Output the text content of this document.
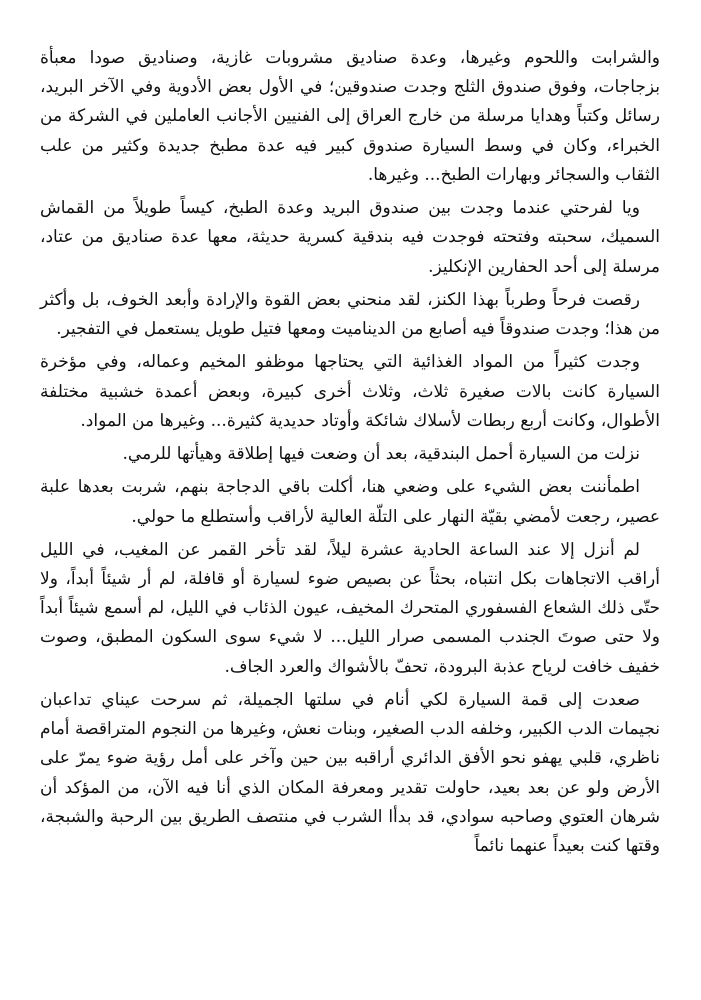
والشرابت واللحوم وغيرها، وعدة صناديق مشروبات غازية، وصناديق صودا معبأة بزجاجات، وفوق صندوق الثلج وجدت صندوقين؛ في الأول بعض الأدوية وفي الآخر البريد، رسائل وكتباً وهدايا مرسلة من خارج العراق إلى الفنيين الأجانب العاملين في الشركة من الخبراء، وكان في وسط السيارة صندوق كبير فيه عدة مطبخ جديدة وكثير من علب الثقاب والسجائر وبهارات الطبخ... وغيرها.

ويا لفرحتي عندما وجدت بين صندوق البريد وعدة الطبخ، كيساً طويلاً من القماش السميك، سحبته وفتحته فوجدت فيه بندقية كسرية حديثة، معها عدة صناديق من عتاد، مرسلة إلى أحد الحفارين الإنكليز.

رقصت فرحاً وطرباً بهذا الكنز، لقد منحني بعض القوة والإرادة وأبعد الخوف، بل وأكثر من هذا؛ وجدت صندوقاً فيه أصابع من الديناميت ومعها فتيل طويل يستعمل في التفجير.

وجدت كثيراً من المواد الغذائية التي يحتاجها موظفو المخيم وعماله، وفي مؤخرة السيارة كانت بالات صغيرة ثلاث، وثلاث أخرى كبيرة، وبعض أعمدة خشبية مختلفة الأطوال، وكانت أربع ربطات لأسلاك شائكة وأوتاد حديدية كثيرة... وغيرها من المواد.

نزلت من السيارة أحمل البندقية، بعد أن وضعت فيها إطلاقة وهيأتها للرمي.

اطمأننت بعض الشيء على وضعي هنا، أكلت باقي الدجاجة بنهم، شربت بعدها علبة عصير، رجعت لأمضي بقيّة النهار على التلّة العالية لأراقب وأستطلع ما حولي.

لم أنزل إلا عند الساعة الحادية عشرة ليلاً، لقد تأخر القمر عن المغيب، في الليل أراقب الاتجاهات بكل انتباه، بحثاً عن بصيص ضوء لسيارة أو قافلة، لم أر شيئاً أبداً، ولا حتّى ذلك الشعاع الفسفوري المتحرك المخيف، عيون الذئاب في الليل، لم أسمع شيئاً أبداً ولا حتى صوتَ الجندب المسمى صرار الليل... لا شيء سوى السكون المطبق، وصوت خفيف خافت لرياح عذبة البرودة، تحفّ بالأشواك والعرد الجاف.

صعدت إلى قمة السيارة لكي أنام في سلتها الجميلة، ثم سرحت عيناي تداعبان نجيمات الدب الكبير، وخلفه الدب الصغير، وبنات نعش، وغيرها من النجوم المتراقصة أمام ناظري، قلبي يهفو نحو الأفق الدائري أراقبه بين حين وآخر على أمل رؤية ضوء يمرّ على الأرض ولو عن بعد بعيد، حاولت تقدير ومعرفة المكان الذي أنا فيه الآن، من المؤكد أن شرهان العتوي وصاحبه سوادي، قد بدأا الشرب في منتصف الطريق بين الرحبة والشبجة، وقتها كنت بعيداً عنهما نائماً
